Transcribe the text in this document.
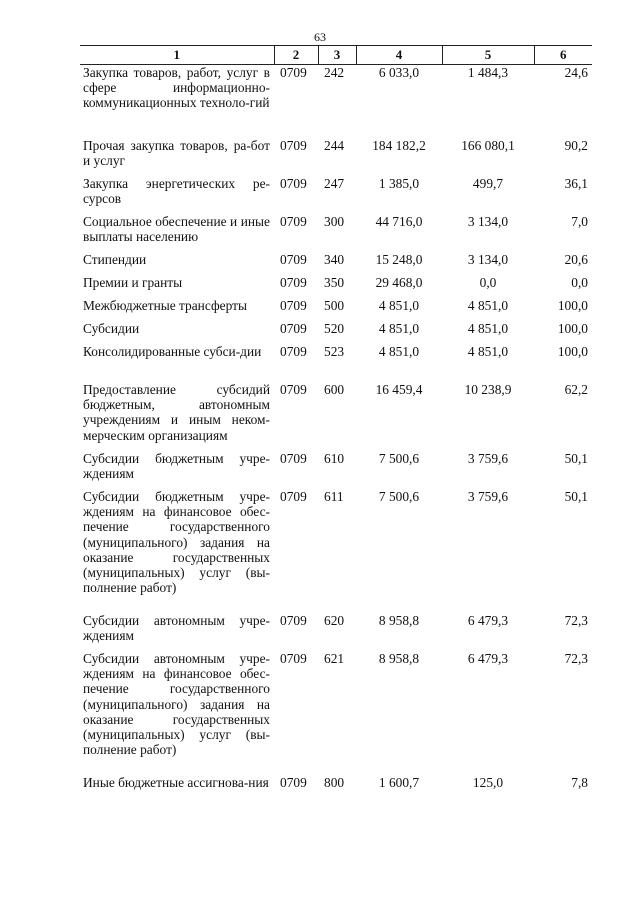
63
1	2	3	4	5	6
Закупка товаров, работ, услуг в сфере информационно-коммуникационных техноло-гий	0709	242	6 033,0	1 484,3	24,6
Прочая закупка товаров, ра-бот и услуг	0709	244	184 182,2	166 080,1	90,2
Закупка энергетических ре-сурсов	0709	247	1 385,0	499,7	36,1
Социальное обеспечение и иные выплаты населению	0709	300	44 716,0	3 134,0	7,0
Стипендии	0709	340	15 248,0	3 134,0	20,6
Премии и гранты	0709	350	29 468,0	0,0	0,0
Межбюджетные трансферты	0709	500	4 851,0	4 851,0	100,0
Субсидии	0709	520	4 851,0	4 851,0	100,0
Консолидированные субси-дии	0709	523	4 851,0	4 851,0	100,0
Предоставление субсидий бюджетным, автономным учреждениям и иным неком-мерческим организациям	0709	600	16 459,4	10 238,9	62,2
Субсидии бюджетным учре-ждениям	0709	610	7 500,6	3 759,6	50,1
Субсидии бюджетным учре-ждениям на финансовое обес-печение государственного (муниципального) задания на оказание государственных (муниципальных) услуг (вы-полнение работ)	0709	611	7 500,6	3 759,6	50,1
Субсидии автономным учре-ждениям	0709	620	8 958,8	6 479,3	72,3
Субсидии автономным учре-ждениям на финансовое обес-печение государственного (муниципального) задания на оказание государственных (муниципальных) услуг (вы-полнение работ)	0709	621	8 958,8	6 479,3	72,3
Иные бюджетные ассигнова-ния	0709	800	1 600,7	125,0	7,8
